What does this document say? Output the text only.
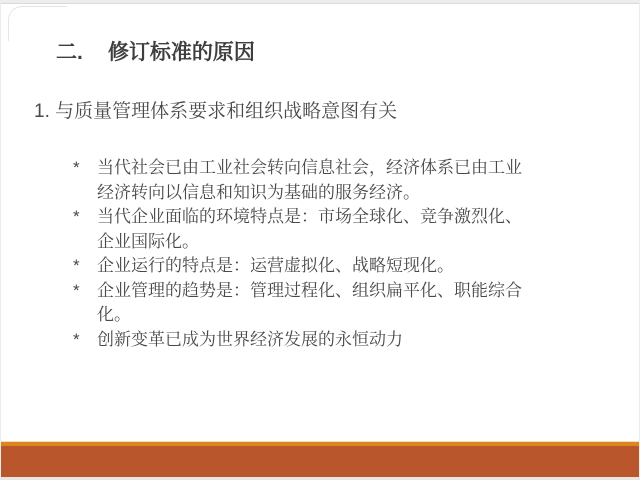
二. 修订标准的原因
1. 与质量管理体系要求和组织战略意图有关
*	当代社会已由工业社会转向信息社会，经济体系已由工业
经济转向以信息和知识为基础的服务经济。
*	当代企业面临的环境特点是：市场全球化、竞争激烈化、
企业国际化。
*	企业运行的特点是：运营虚拟化、战略短现化。
*	企业管理的趋势是：管理过程化、组织扁平化、职能综合
化。
*	创新变革已成为世界经济发展的永恒动力
